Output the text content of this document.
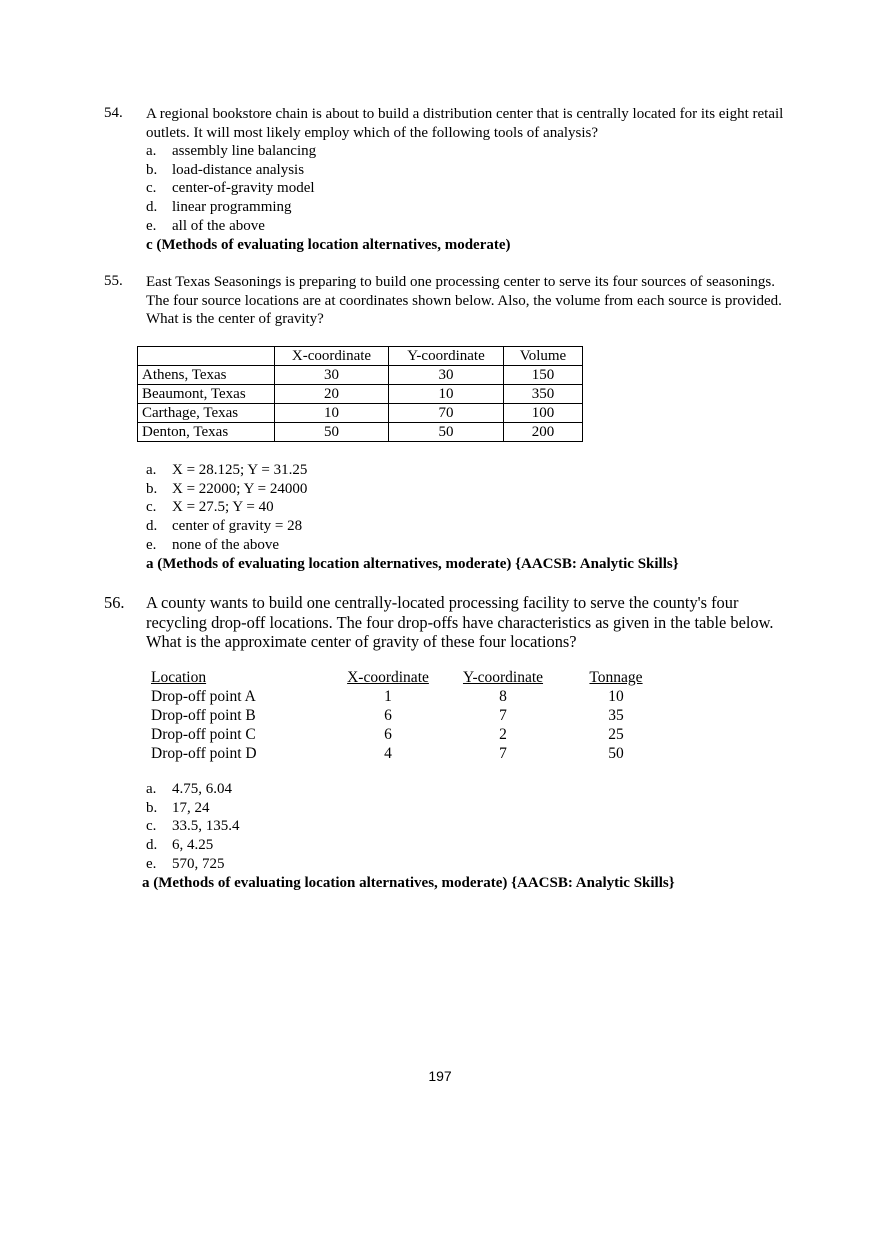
54. A regional bookstore chain is about to build a distribution center that is centrally located for its eight retail outlets. It will most likely employ which of the following tools of analysis?
a. assembly line balancing
b. load-distance analysis
c. center-of-gravity model
d. linear programming
e. all of the above
c (Methods of evaluating location alternatives, moderate)
55. East Texas Seasonings is preparing to build one processing center to serve its four sources of seasonings. The four source locations are at coordinates shown below. Also, the volume from each source is provided. What is the center of gravity?
	X-coordinate	Y-coordinate	Volume
Athens, Texas	30	30	150
Beaumont, Texas	20	10	350
Carthage, Texas	10	70	100
Denton, Texas	50	50	200
a. X = 28.125; Y = 31.25
b. X = 22000; Y = 24000
c. X = 27.5; Y = 40
d. center of gravity = 28
e. none of the above
a (Methods of evaluating location alternatives, moderate) {AACSB: Analytic Skills}
56. A county wants to build one centrally-located processing facility to serve the county's four recycling drop-off locations. The four drop-offs have characteristics as given in the table below. What is the approximate center of gravity of these four locations?
Location	X-coordinate	Y-coordinate	Tonnage
Drop-off point A	1	8	10
Drop-off point B	6	7	35
Drop-off point C	6	2	25
Drop-off point D	4	7	50
a. 4.75, 6.04
b. 17, 24
c. 33.5, 135.4
d. 6, 4.25
e. 570, 725
a (Methods of evaluating location alternatives, moderate) {AACSB: Analytic Skills}
197
